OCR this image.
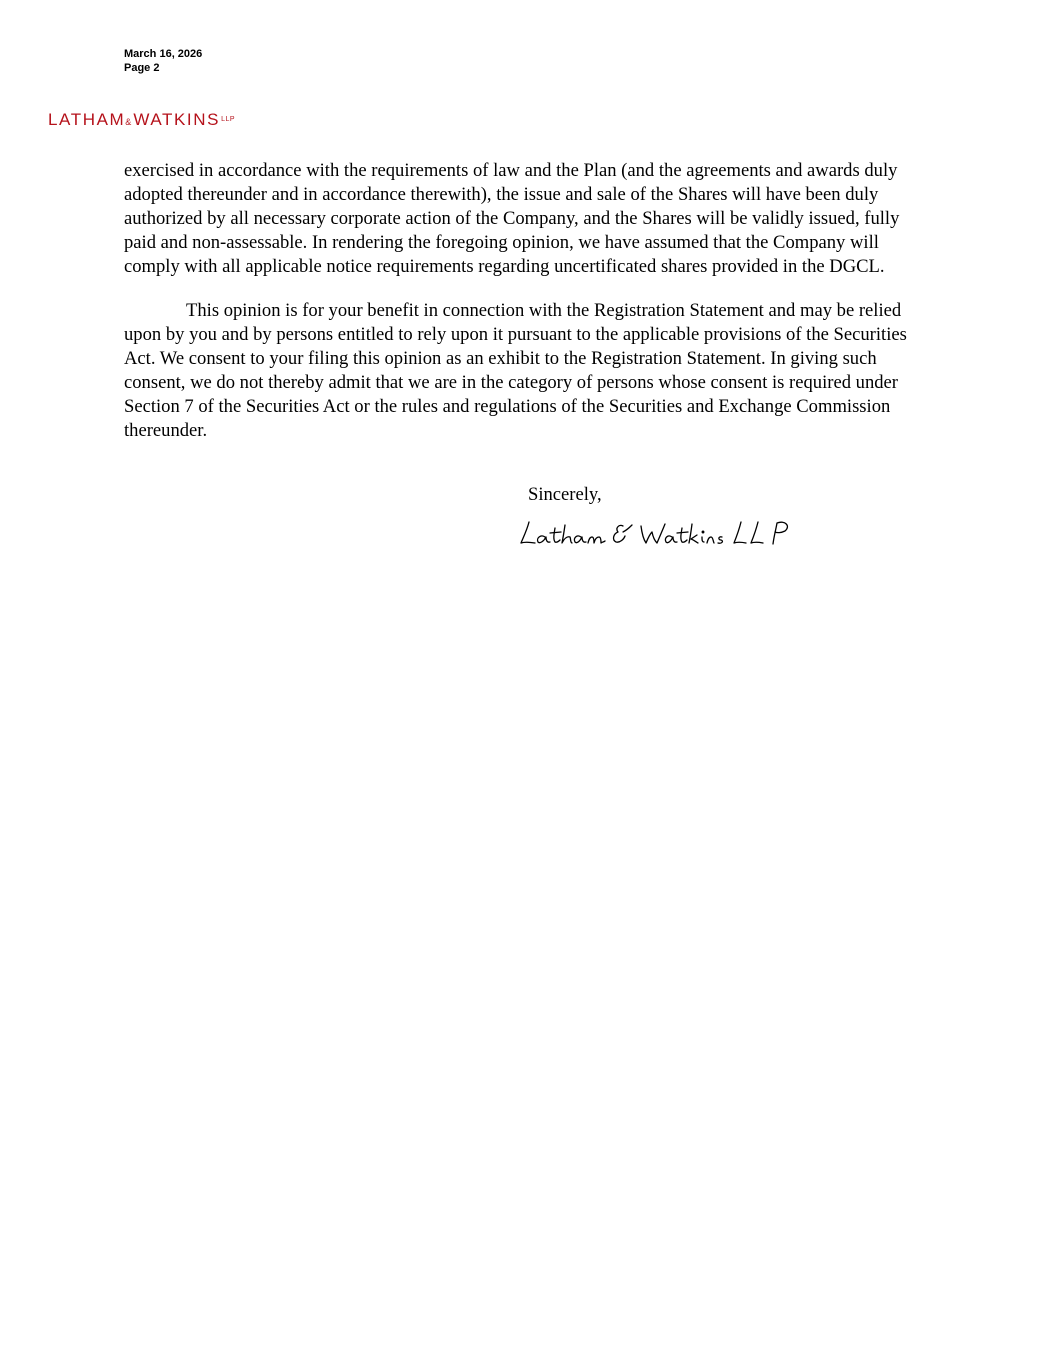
March 16, 2026
Page 2
LATHAM & WATKINS LLP

exercised in accordance with the requirements of law and the Plan (and the agreements and awards duly adopted thereunder and in accordance therewith), the issue and sale of the Shares will have been duly authorized by all necessary corporate action of the Company, and the Shares will be validly issued, fully paid and non-assessable. In rendering the foregoing opinion, we have assumed that the Company will comply with all applicable notice requirements regarding uncertificated shares provided in the DGCL.

This opinion is for your benefit in connection with the Registration Statement and may be relied upon by you and by persons entitled to rely upon it pursuant to the applicable provisions of the Securities Act. We consent to your filing this opinion as an exhibit to the Registration Statement. In giving such consent, we do not thereby admit that we are in the category of persons whose consent is required under Section 7 of the Securities Act or the rules and regulations of the Securities and Exchange Commission thereunder.

Sincerely,
